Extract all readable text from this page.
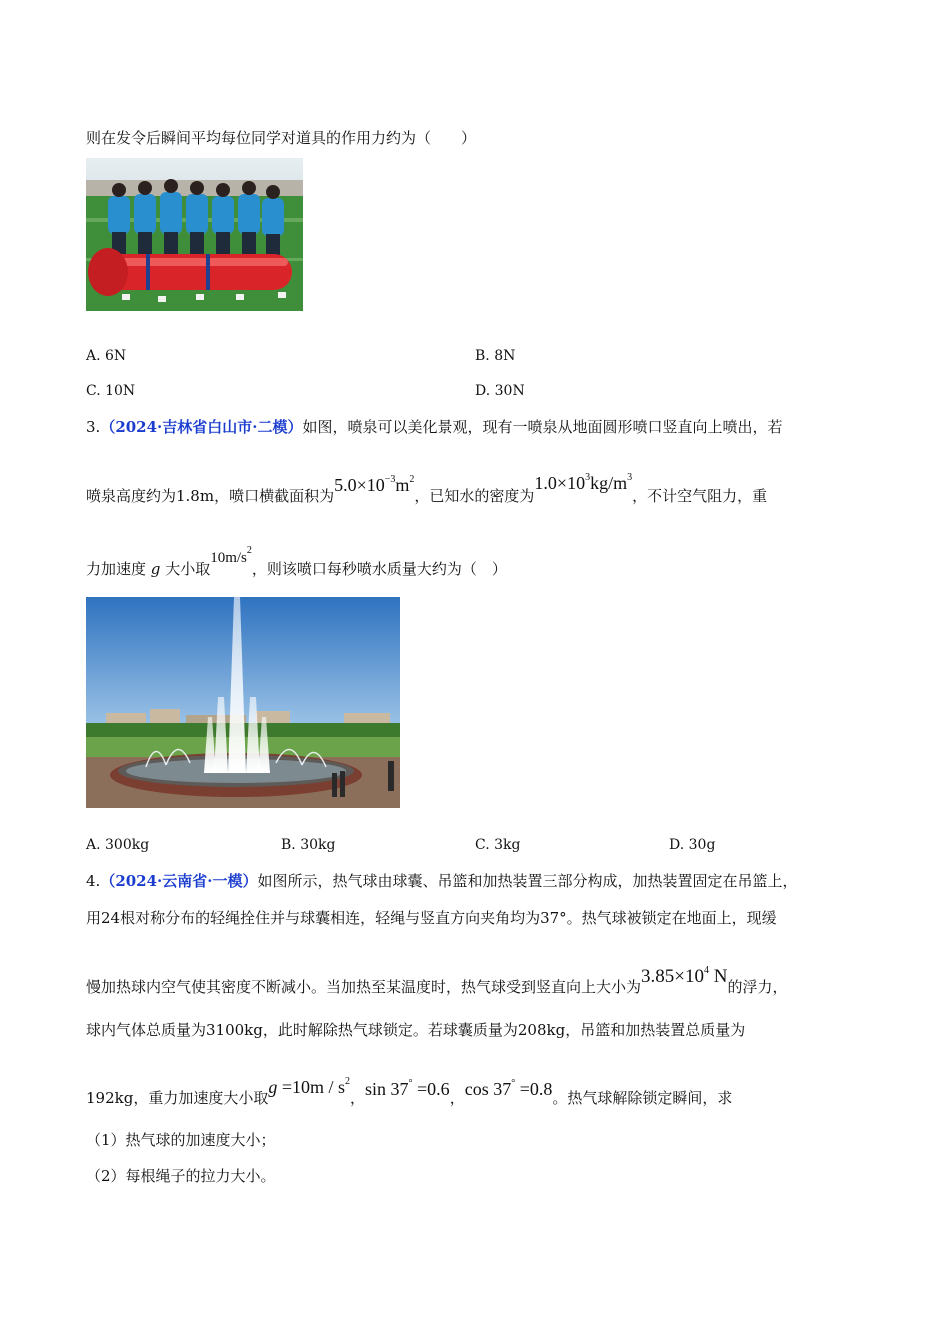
则在发令后瞬间平均每位同学对道具的作用力约为（　　）
A. 6N	B. 8N
C. 10N	D. 30N
3.（2024·吉林省白山市·二模）如图，喷泉可以美化景观，现有一喷泉从地面圆形喷口竖直向上喷出，若
喷泉高度约为1.8m，喷口横截面积为$5.0\times 10^{-3}m^2$，已知水的密度为$1.0\times 10^3kg/m^3$，不计空气阻力，重
力加速度 g 大小取$10m/s^2$，则该喷口每秒喷水质量大约为（　）
A. 300kg	B. 30kg	C. 3kg	D. 30g
4.（2024·云南省·一模）如图所示，热气球由球囊、吊篮和加热装置三部分构成，加热装置固定在吊篮上，
用24根对称分布的轻绳拴住并与球囊相连，轻绳与竖直方向夹角均为37°。热气球被锁定在地面上，现缓
慢加热球内空气使其密度不断减小。当加热至某温度时，热气球受到竖直向上大小为$3.85\times 10^4$ N的浮力，
球内气体总质量为3100kg，此时解除热气球锁定。若球囊质量为208kg，吊篮和加热装置总质量为
192kg，重力加速度大小取$g =10m / s^2$，sin 37° =0.6，cos 37° =0.8。热气球解除锁定瞬间，求
（1）热气球的加速度大小；
（2）每根绳子的拉力大小。
